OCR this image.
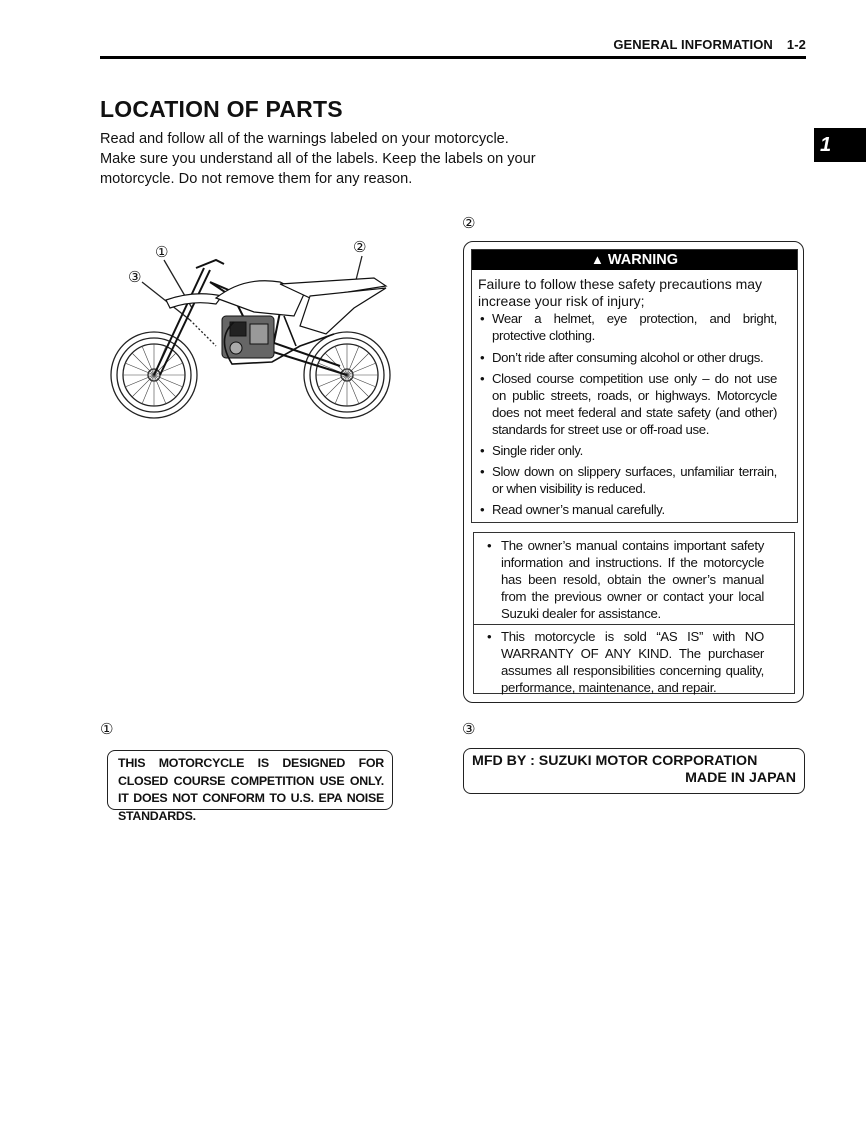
GENERAL INFORMATION 1-2
1
LOCATION OF PARTS

Read and follow all of the warnings labeled on your motorcycle. Make sure you understand all of the labels. Keep the labels on your motorcycle. Do not remove them for any reason.

①	②
③
②
▲ WARNING

Failure to follow these safety precautions may increase your risk of injury;

• Wear a helmet, eye protection, and bright, protective clothing.
• Don’t ride after consuming alcohol or other drugs.
• Closed course competition use only – do not use on public streets, roads, or highways. Motorcycle does not meet federal and state safety (and other) standards for street use or off-road use.
• Single rider only.
• Slow down on slippery surfaces, unfamiliar terrain, or when visibility is reduced.
• Read owner’s manual carefully.
• The owner’s manual contains important safety information and instructions. If the motorcycle has been resold, obtain the owner’s manual from the previous owner or contact your local Suzuki dealer for assistance.
• This motorcycle is sold “AS IS” with NO WARRANTY OF ANY KIND. The purchaser assumes all responsibilities concerning quality, performance, maintenance, and repair.
①
THIS MOTORCYCLE IS DESIGNED FOR CLOSED COURSE COMPETITION USE ONLY. IT DOES NOT CONFORM TO U.S. EPA NOISE STANDARDS.
③
MFD BY : SUZUKI MOTOR CORPORATION
MADE IN JAPAN
